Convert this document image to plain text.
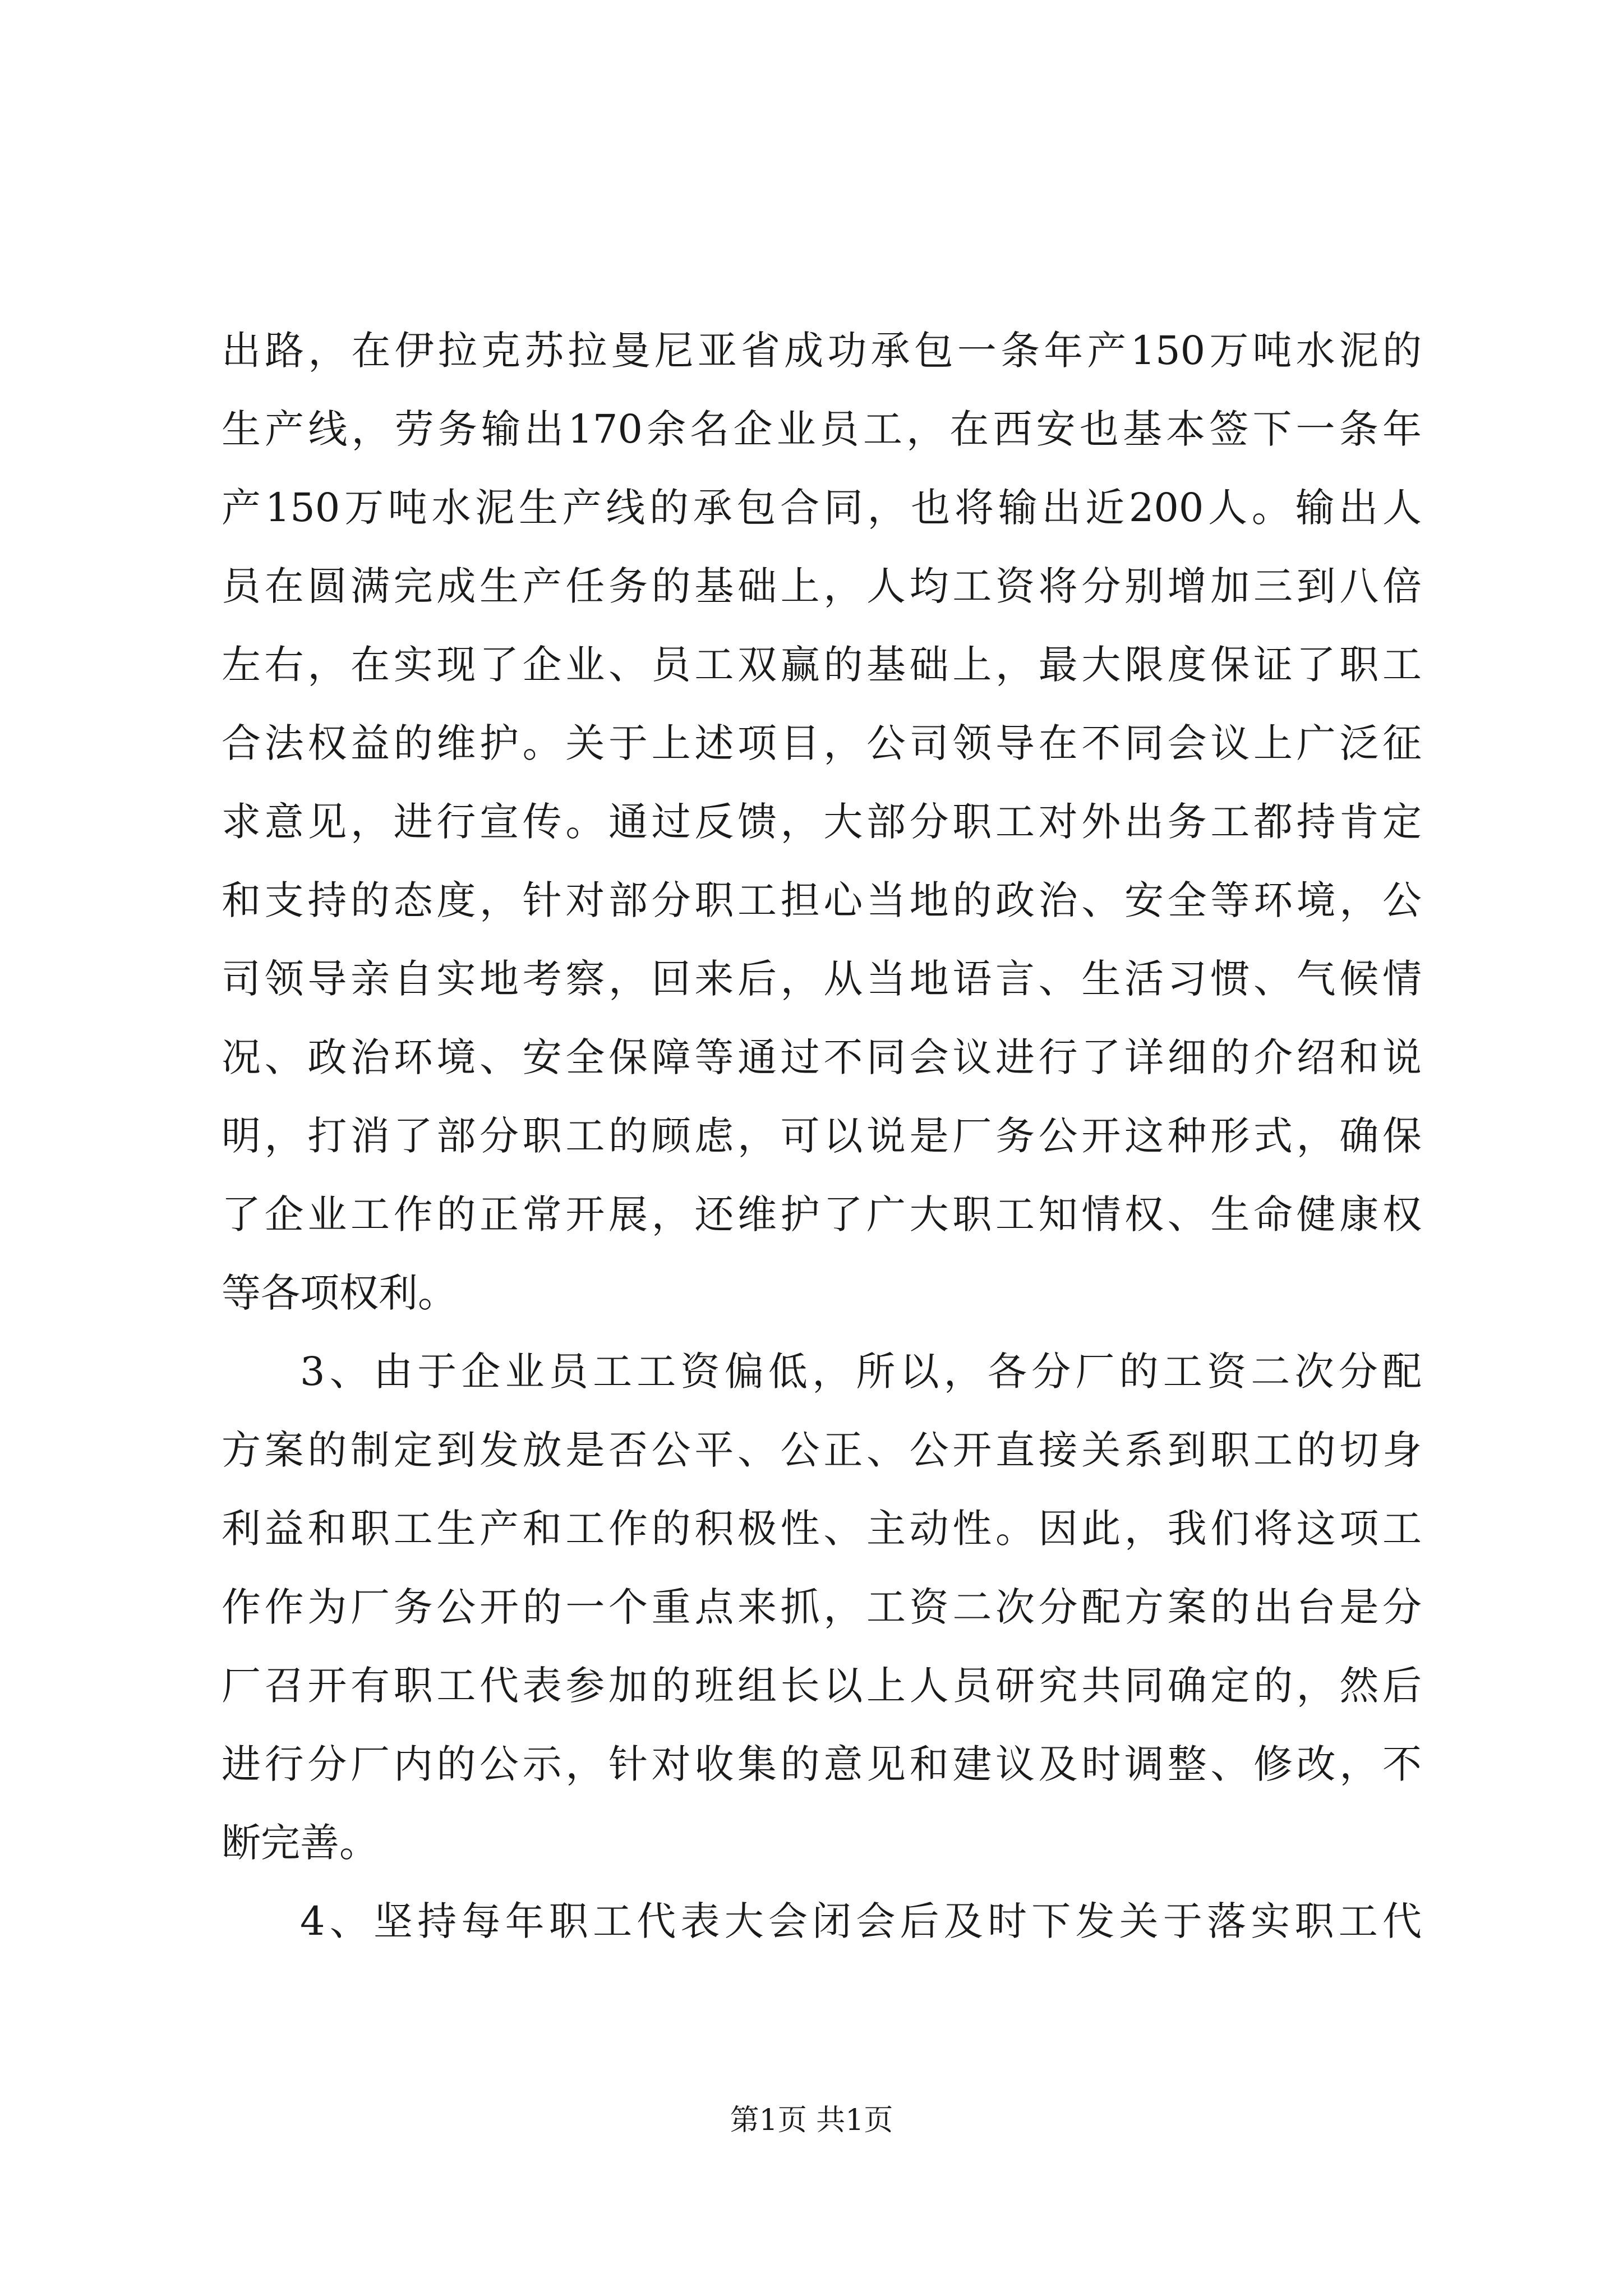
出路，在伊拉克苏拉曼尼亚省成功承包一条年产150万吨水泥的
生产线，劳务输出170余名企业员工，在西安也基本签下一条年
产150万吨水泥生产线的承包合同，也将输出近200人。输出人
员在圆满完成生产任务的基础上，人均工资将分别增加三到八倍
左右，在实现了企业、员工双赢的基础上，最大限度保证了职工
合法权益的维护。关于上述项目，公司领导在不同会议上广泛征
求意见，进行宣传。通过反馈，大部分职工对外出务工都持肯定
和支持的态度，针对部分职工担心当地的政治、安全等环境，公
司领导亲自实地考察，回来后，从当地语言、生活习惯、气候情
况、政治环境、安全保障等通过不同会议进行了详细的介绍和说
明，打消了部分职工的顾虑，可以说是厂务公开这种形式，确保
了企业工作的正常开展，还维护了广大职工知情权、生命健康权
等各项权利。
3、由于企业员工工资偏低，所以，各分厂的工资二次分配
方案的制定到发放是否公平、公正、公开直接关系到职工的切身
利益和职工生产和工作的积极性、主动性。因此，我们将这项工
作作为厂务公开的一个重点来抓，工资二次分配方案的出台是分
厂召开有职工代表参加的班组长以上人员研究共同确定的，然后
进行分厂内的公示，针对收集的意见和建议及时调整、修改，不
断完善。
4、坚持每年职工代表大会闭会后及时下发关于落实职工代
第1页 共1页
